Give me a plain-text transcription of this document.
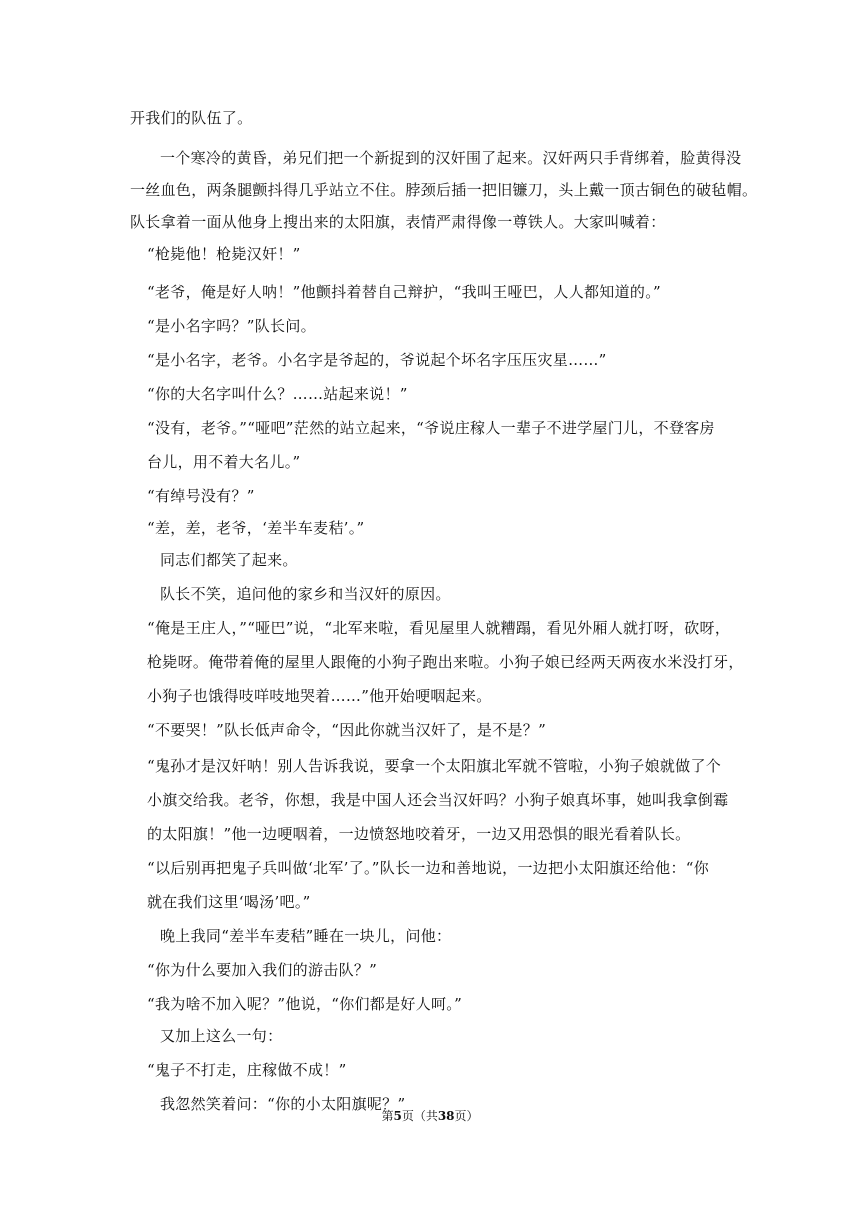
开我们的队伍了。
一个寒冷的黄昏，弟兄们把一个新捉到的汉奸围了起来。汉奸两只手背绑着，脸黄得没
一丝血色，两条腿颤抖得几乎站立不住。脖颈后插一把旧镰刀，头上戴一顶古铜色的破毡帽。
队长拿着一面从他身上搜出来的太阳旗，表情严肃得像一尊铁人。大家叫喊着：
“枪毙他！枪毙汉奸！”
“老爷，俺是好人呐！”他颤抖着替自己辩护，“我叫王哑巴，人人都知道的。”
“是小名字吗？”队长问。
“是小名字，老爷。小名字是爷起的，爷说起个坏名字压压灾星……”
“你的大名字叫什么？……站起来说！”
“没有，老爷。”“哑吧”茫然的站立起来，“爷说庄稼人一辈子不进学屋门儿，不登客房
台儿，用不着大名儿。”
“有绰号没有？”
“差，差，老爷，‘差半车麦秸’。”
同志们都笑了起来。
队长不笑，追问他的家乡和当汉奸的原因。
“俺是王庄人，”“哑巴”说，“北军来啦，看见屋里人就糟蹋，看见外厢人就打呀，砍呀，
枪毙呀。俺带着俺的屋里人跟俺的小狗子跑出来啦。小狗子娘已经两天两夜水米没打牙，
小狗子也饿得吱咩吱地哭着……”他开始哽咽起来。
“不要哭！”队长低声命令，“因此你就当汉奸了，是不是？”
“鬼孙才是汉奸呐！别人告诉我说，要拿一个太阳旗北军就不管啦，小狗子娘就做了个
小旗交给我。老爷，你想，我是中国人还会当汉奸吗？小狗子娘真坏事，她叫我拿倒霉
的太阳旗！”他一边哽咽着，一边愤怒地咬着牙，一边又用恐惧的眼光看着队长。
“以后别再把鬼子兵叫做‘北军’了。”队长一边和善地说，一边把小太阳旗还给他：“你
就在我们这里‘喝汤’吧。”
晚上我同“差半车麦秸”睡在一块儿，问他：
“你为什么要加入我们的游击队？”
“我为啥不加入呢？”他说，“你们都是好人呵。”
又加上这么一句：
“鬼子不打走，庄稼做不成！”
我忽然笑着问：“你的小太阳旗呢？”
第5页（共38页）
